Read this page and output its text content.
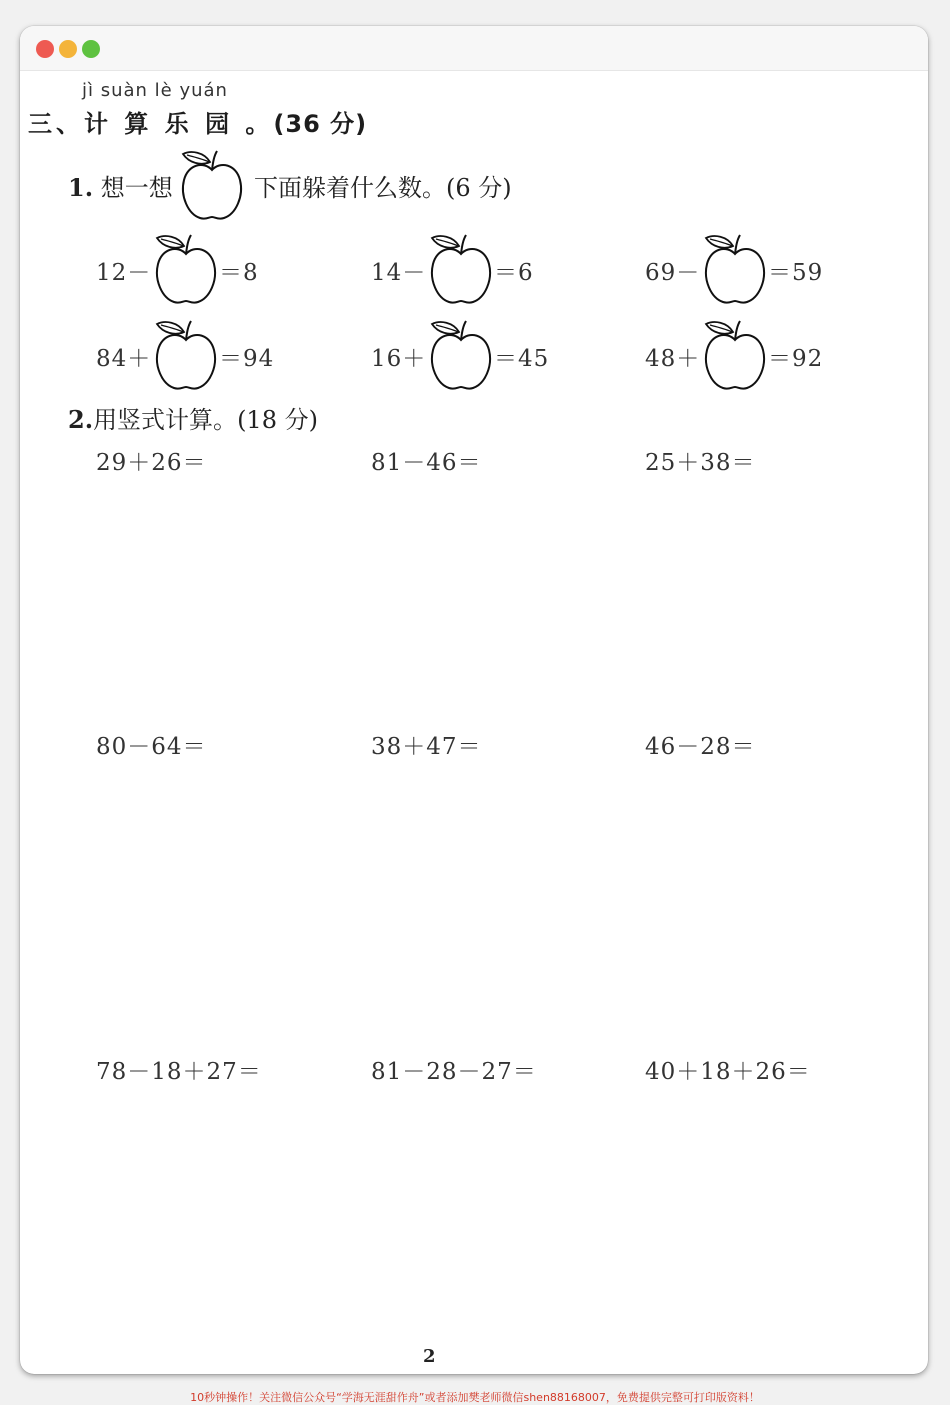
jì suàn lè yuán
三、计 算 乐 园 。(36 分)
1. 想一想	下面躲着什么数。(6 分)
12－	＝8	14－	＝6	69－	＝59
84＋	＝94	16＋	＝45	48＋	＝92
2.用竖式计算。(18 分)
29＋26＝	81－46＝	25＋38＝
80－64＝	38＋47＝	46－28＝
78－18＋27＝	81－28－27＝	40＋18＋26＝
2
10秒钟操作！关注微信公众号“学海无涯甜作舟”或者添加樊老师微信shen88168007，免费提供完整可打印版资料！
